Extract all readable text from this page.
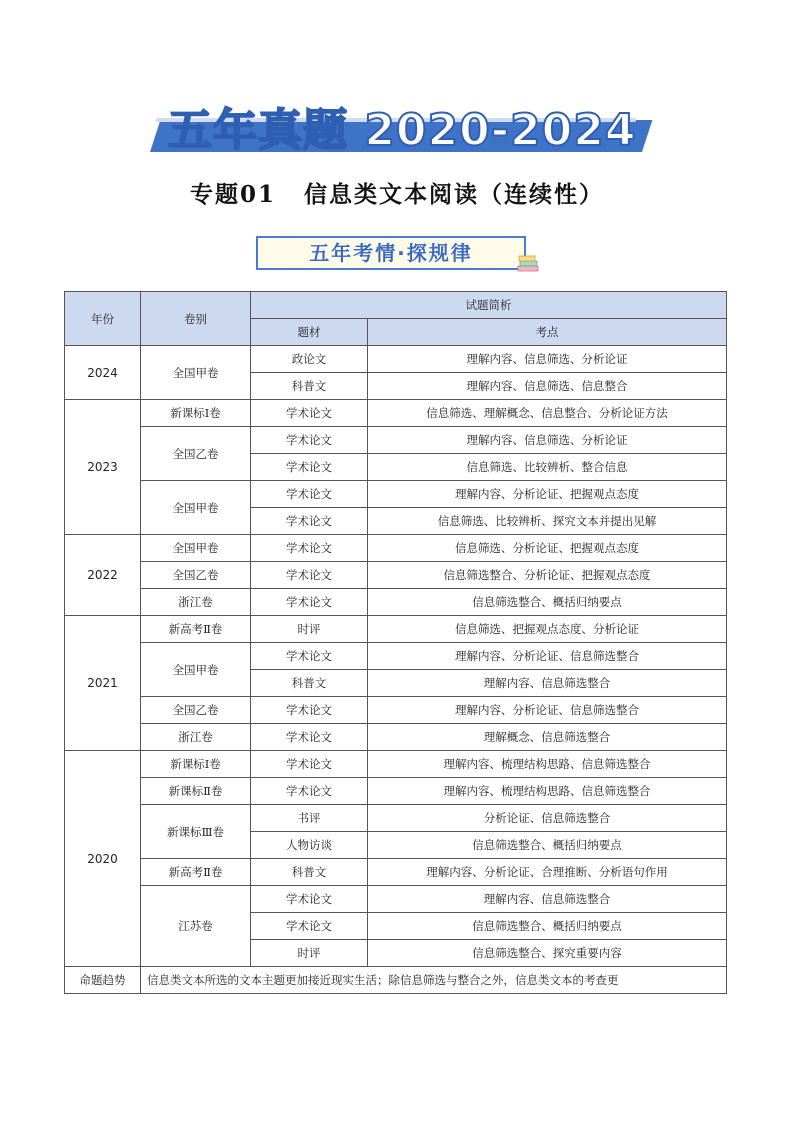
五年真题 2020-2024
专题01 信息类文本阅读（连续性）
五年考情·探规律
年份	卷别	试题简析	
		题材	考点
2024	全国甲卷	政论文	理解内容、信息筛选、分析论证
		科普文	理解内容、信息筛选、信息整合
2023	新课标Ⅰ卷	学术论文	信息筛选、理解概念、信息整合、分析论证方法
	全国乙卷	学术论文	理解内容、信息筛选、分析论证
		学术论文	信息筛选、比较辨析、整合信息
	全国甲卷	学术论文	理解内容、分析论证、把握观点态度
		学术论文	信息筛选、比较辨析、探究文本并提出见解
2022	全国甲卷	学术论文	信息筛选、分析论证、把握观点态度
	全国乙卷	学术论文	信息筛选整合、分析论证、把握观点态度
	浙江卷	学术论文	信息筛选整合、概括归纳要点
2021	新高考Ⅱ卷	时评	信息筛选、把握观点态度、分析论证
	全国甲卷	学术论文	理解内容、分析论证、信息筛选整合
		科普文	理解内容、信息筛选整合
	全国乙卷	学术论文	理解内容、分析论证、信息筛选整合
	浙江卷	学术论文	理解概念、信息筛选整合
2020	新课标Ⅰ卷	学术论文	理解内容、梳理结构思路、信息筛选整合
	新课标Ⅱ卷	学术论文	理解内容、梳理结构思路、信息筛选整合
	新课标Ⅲ卷	书评	分析论证、信息筛选整合
		人物访谈	信息筛选整合、概括归纳要点
	新高考Ⅱ卷	科普文	理解内容、分析论证、合理推断、分析语句作用
	江苏卷	学术论文	理解内容、信息筛选整合
		学术论文	信息筛选整合、概括归纳要点
		时评	信息筛选整合、探究重要内容
命题趋势	信息类文本所选的文本主题更加接近现实生活；除信息筛选与整合之外，信息类文本的考查更		
